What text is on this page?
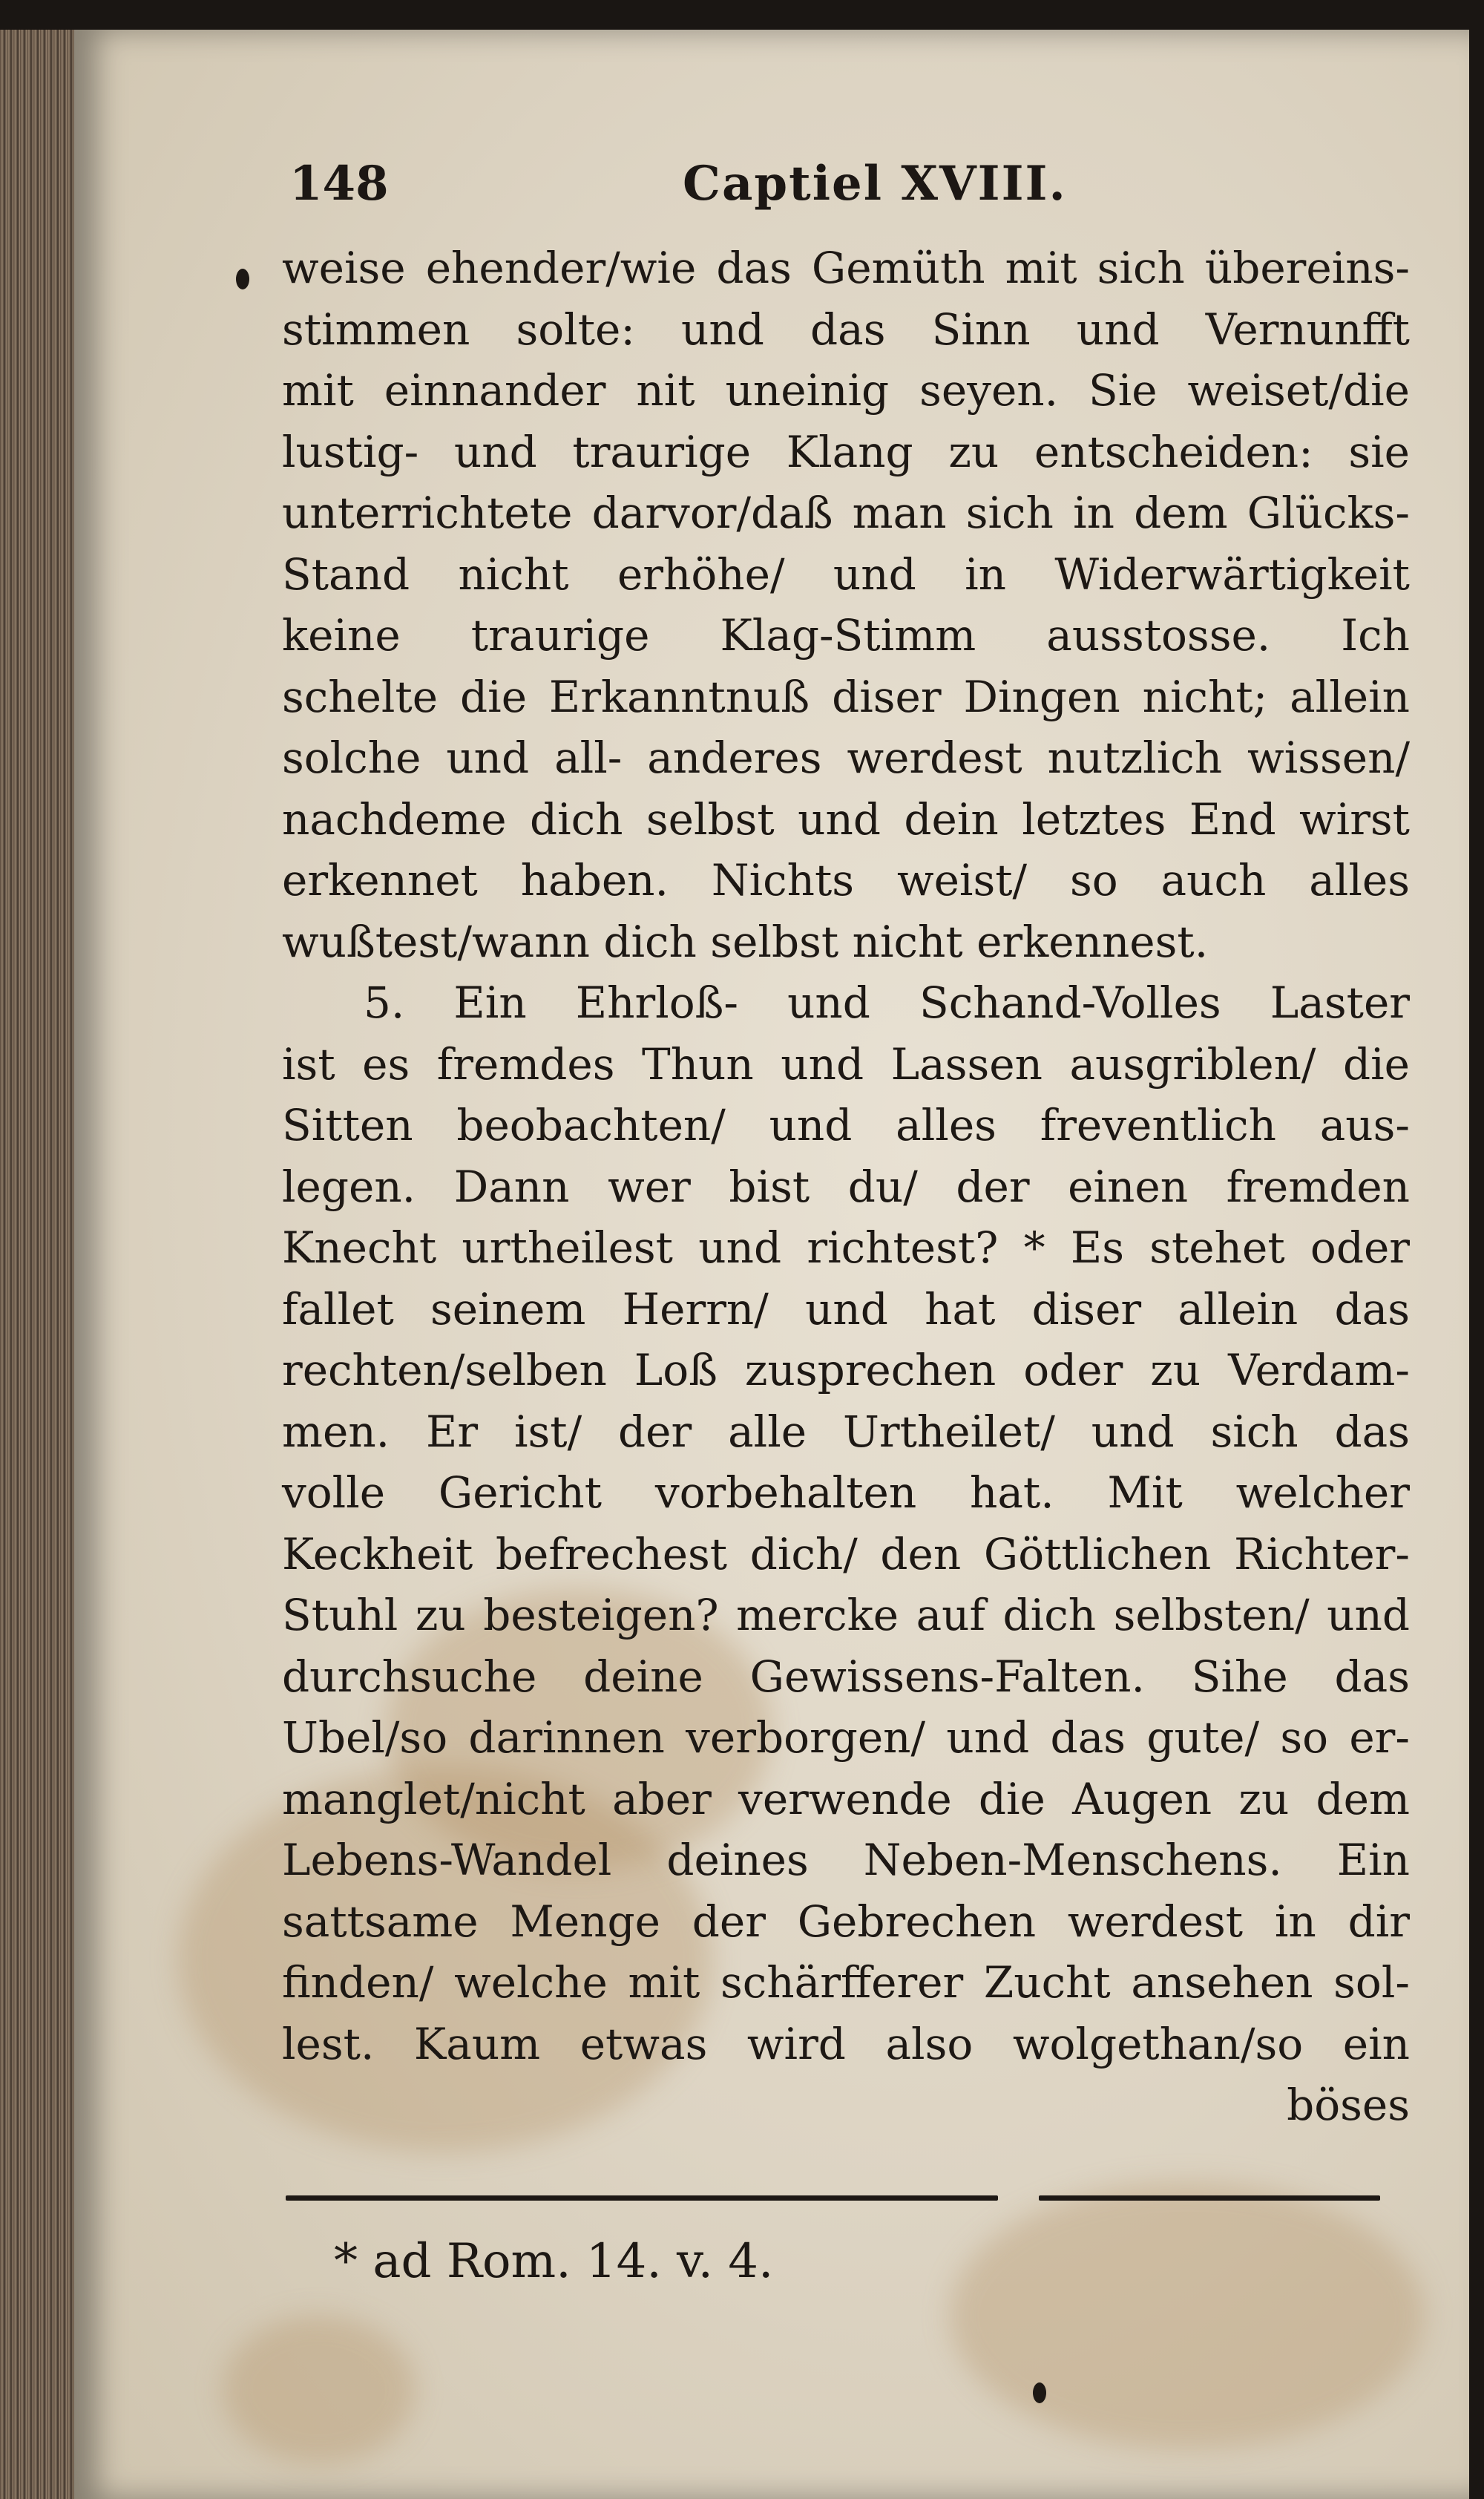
148	Captiel XVIII.
weise ehender/wie das Gemüth mit sich übereins-
stimmen solte: und das Sinn und Vernunfft
mit einnander nit uneinig seyen. Sie weiset/die
lustig- und traurige Klang zu entscheiden: sie
unterrichtete darvor/daß man sich in dem Glücks-
Stand nicht erhöhe/ und in Widerwärtigkeit
keine traurige Klag-Stimm ausstosse. Ich
schelte die Erkanntnuß diser Dingen nicht; allein
solche und all- anderes werdest nutzlich wissen/
nachdeme dich selbst und dein letztes End wirst
erkennet haben. Nichts weist/ so auch alles
wußtest/wann dich selbst nicht erkennest.
5. Ein Ehrloß- und Schand-Volles Laster
ist es fremdes Thun und Lassen ausgriblen/ die
Sitten beobachten/ und alles freventlich aus-
legen. Dann wer bist du/ der einen fremden
Knecht urtheilest und richtest? * Es stehet oder
fallet seinem Herrn/ und hat diser allein das
rechten/selben Loß zusprechen oder zu Verdam-
men. Er ist/ der alle Urtheilet/ und sich das
volle Gericht vorbehalten hat. Mit welcher
Keckheit befrechest dich/ den Göttlichen Richter-
Stuhl zu besteigen? mercke auf dich selbsten/ und
durchsuche deine Gewissens-Falten. Sihe das
Ubel/so darinnen verborgen/ und das gute/ so er-
manglet/nicht aber verwende die Augen zu dem
Lebens-Wandel deines Neben-Menschens. Ein
sattsame Menge der Gebrechen werdest in dir
finden/ welche mit schärfferer Zucht ansehen sol-
lest. Kaum etwas wird also wolgethan/so ein
böses
* ad Rom. 14. v. 4.
